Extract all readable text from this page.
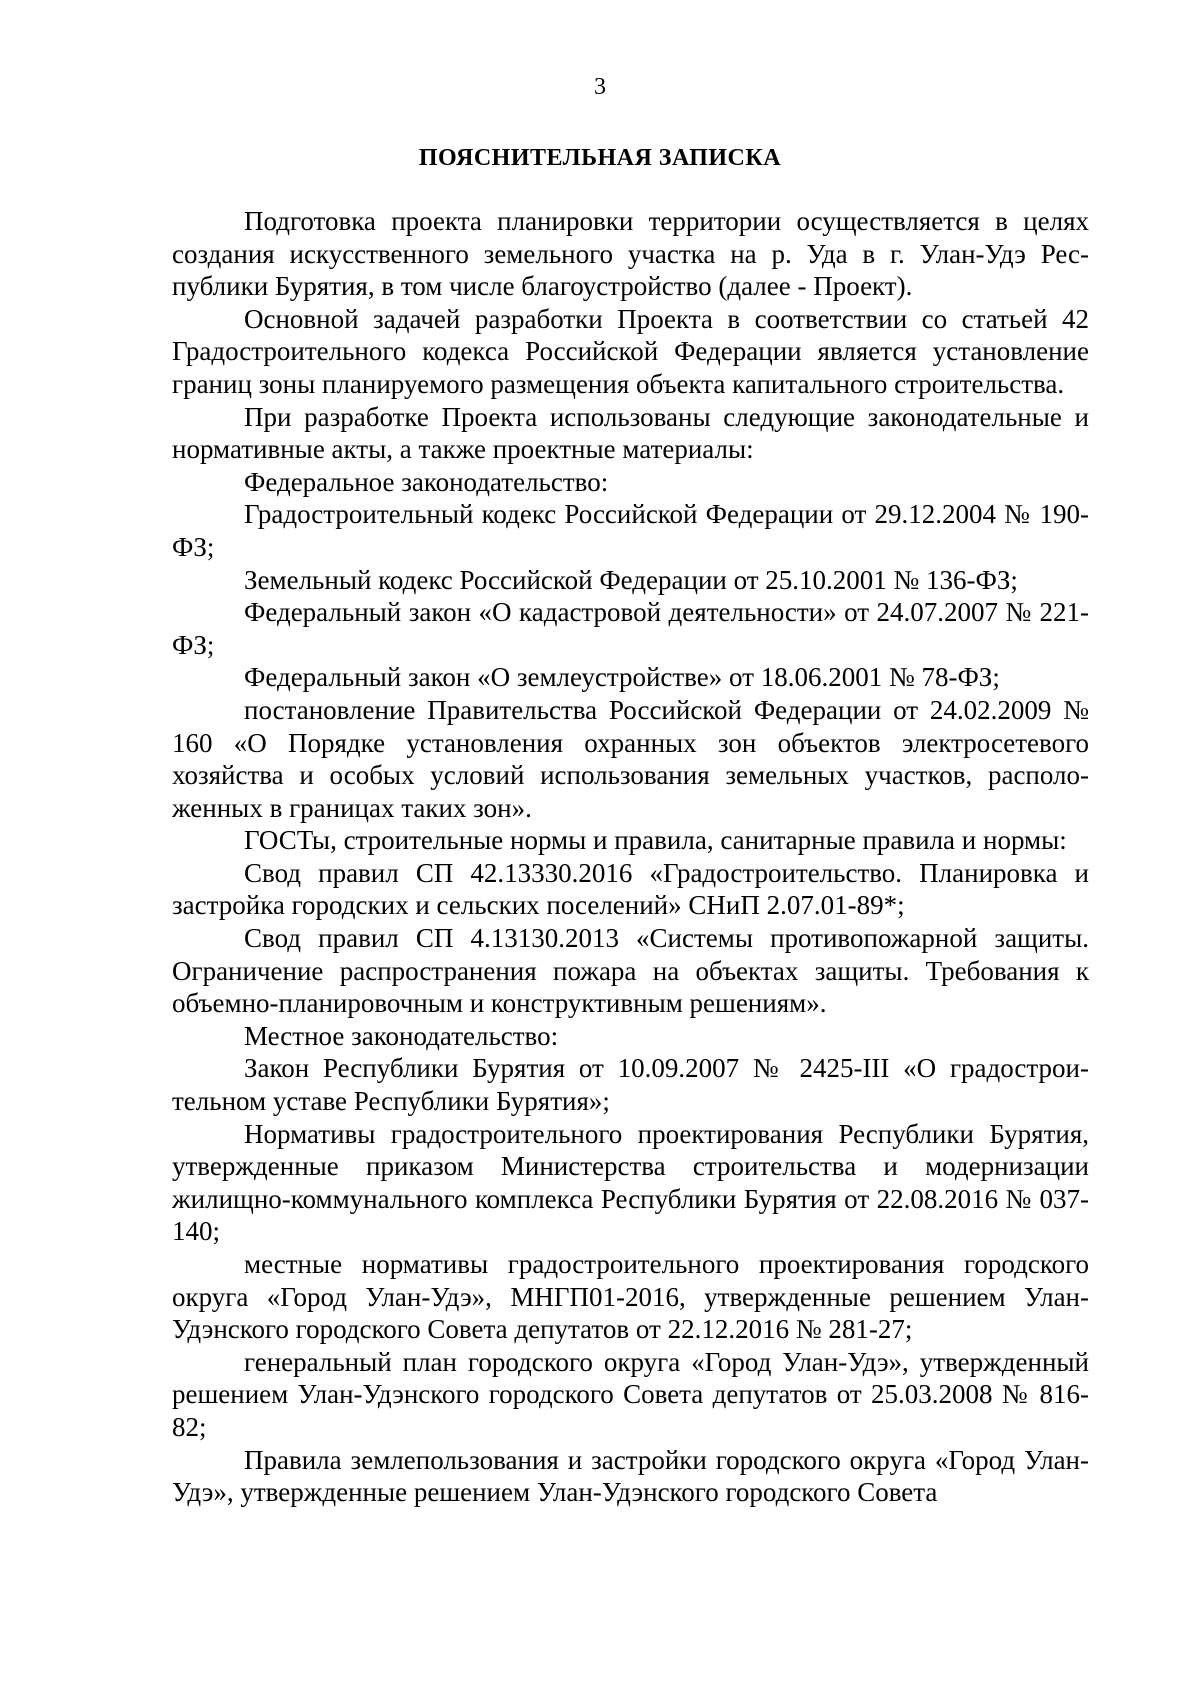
3

ПОЯСНИТЕЛЬНАЯ ЗАПИСКА

Подготовка проекта планировки территории осуществляется в целях создания искусственного земельного участка на р. Уда в г. Улан-Удэ Республики Бурятия, в том числе благоустройство (далее - Проект).

Основной задачей разработки Проекта в соответствии со статьей 42 Градостроительного кодекса Российской Федерации является установление границ зоны планируемого размещения объекта капитального строительства.

При разработке Проекта использованы следующие законодательные и нормативные акты, а также проектные материалы:

Федеральное законодательство:

Градостроительный кодекс Российской Федерации от 29.12.2004 № 190-ФЗ;

Земельный кодекс Российской Федерации от 25.10.2001 № 136-ФЗ;

Федеральный закон «О кадастровой деятельности» от 24.07.2007 № 221-ФЗ;

Федеральный закон «О землеустройстве» от 18.06.2001 № 78-ФЗ;

постановление Правительства Российской Федерации от 24.02.2009 № 160 «О Порядке установления охранных зон объектов электросетевого хозяйства и особых условий использования земельных участков, расположенных в границах таких зон».

ГОСТы, строительные нормы и правила, санитарные правила и нормы:

Свод правил СП 42.13330.2016 «Градостроительство. Планировка и застройка городских и сельских поселений» СНиП 2.07.01-89*;

Свод правил СП 4.13130.2013 «Системы противопожарной защиты. Ограничение распространения пожара на объектах защиты. Требования к объемно-планировочным и конструктивным решениям».

Местное законодательство:

Закон Республики Бурятия от 10.09.2007 № 2425-III «О градостроительном уставе Республики Бурятия»;

Нормативы градостроительного проектирования Республики Бурятия, утвержденные приказом Министерства строительства и модернизации жилищно-коммунального комплекса Республики Бурятия от 22.08.2016 № 037-140;

местные нормативы градостроительного проектирования городского округа «Город Улан-Удэ», МНГП01-2016, утвержденные решением Улан-Удэнского городского Совета депутатов от 22.12.2016 № 281-27;

генеральный план городского округа «Город Улан-Удэ», утвержденный решением Улан-Удэнского городского Совета депутатов от 25.03.2008 № 816-82;

Правила землепользования и застройки городского округа «Город Улан-Удэ», утвержденные решением Улан-Удэнского городского Совета
